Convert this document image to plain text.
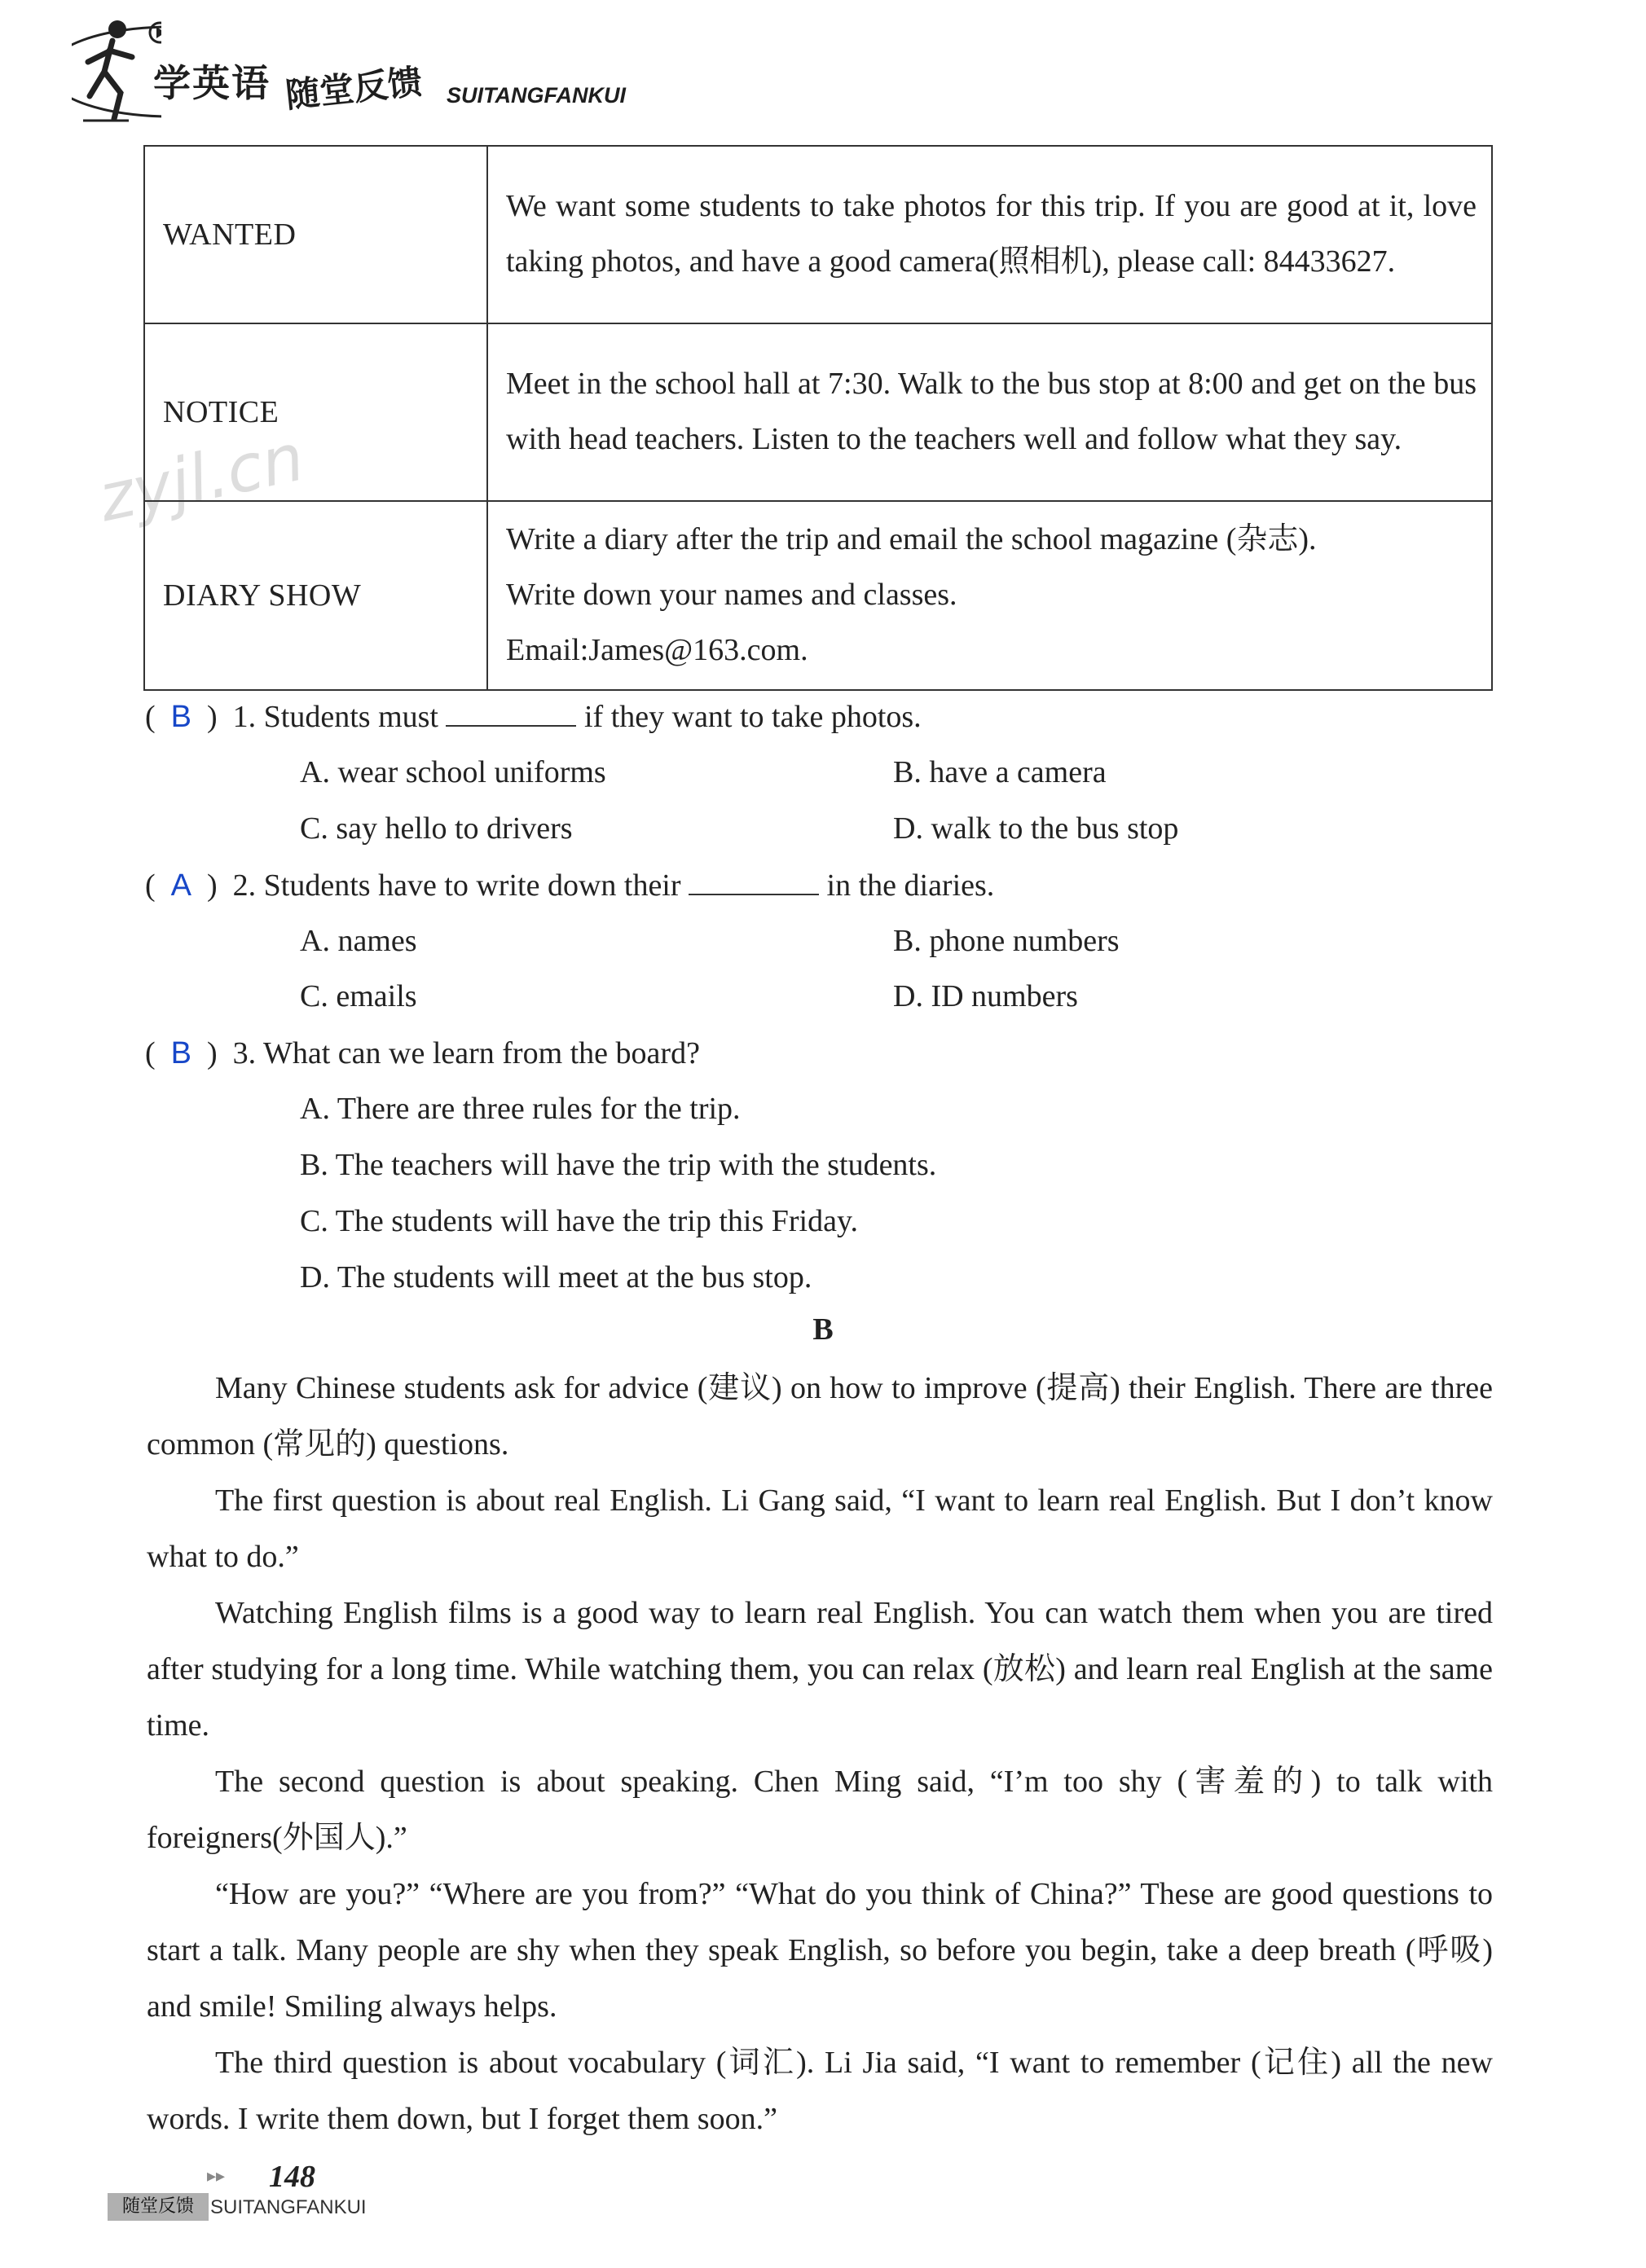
学英语 随堂反馈 SUITANGFANKUI
zyjl.cn
WANTED	We want some students to take photos for this trip. If you are good at it, love taking photos, and have a good camera(照相机), please call: 84433627.
NOTICE	Meet in the school hall at 7:30. Walk to the bus stop at 8:00 and get on the bus with head teachers. Listen to the teachers well and follow what they say.
DIARY SHOW	Write a diary after the trip and email the school magazine (杂志).
Write down your names and classes.
Email:James@163.com.
(  B  )  1. Students must	if they want to take photos.
A. wear school uniforms	B. have a camera
C. say hello to drivers	D. walk to the bus stop
(  A  )  2. Students have to write down their	in the diaries.
A. names	B. phone numbers
C. emails	D. ID numbers
(  B  )  3. What can we learn from the board?
A. There are three rules for the trip.
B. The teachers will have the trip with the students.
C. The students will have the trip this Friday.
D. The students will meet at the bus stop.
B

Many Chinese students ask for advice (建议) on how to improve (提高) their English. There are three common (常见的) questions.

The first question is about real English. Li Gang said, “I want to learn real English. But I don’t know what to do.”

Watching English films is a good way to learn real English. You can watch them when you are tired after studying for a long time. While watching them, you can relax (放松) and learn real English at the same time.

The second question is about speaking. Chen Ming said, “I’m too shy (害羞的) to talk with foreigners(外国人).”

“How are you?” “Where are you from?” “What do you think of China?” These are good questions to start a talk. Many people are shy when they speak English, so before you begin, take a deep breath (呼吸) and smile! Smiling always helps.

The third question is about vocabulary (词汇). Li Jia said, “I want to remember (记住) all the new words. I write them down, but I forget them soon.”

▸▸ 148
随堂反馈 SUITANGFANKUI
